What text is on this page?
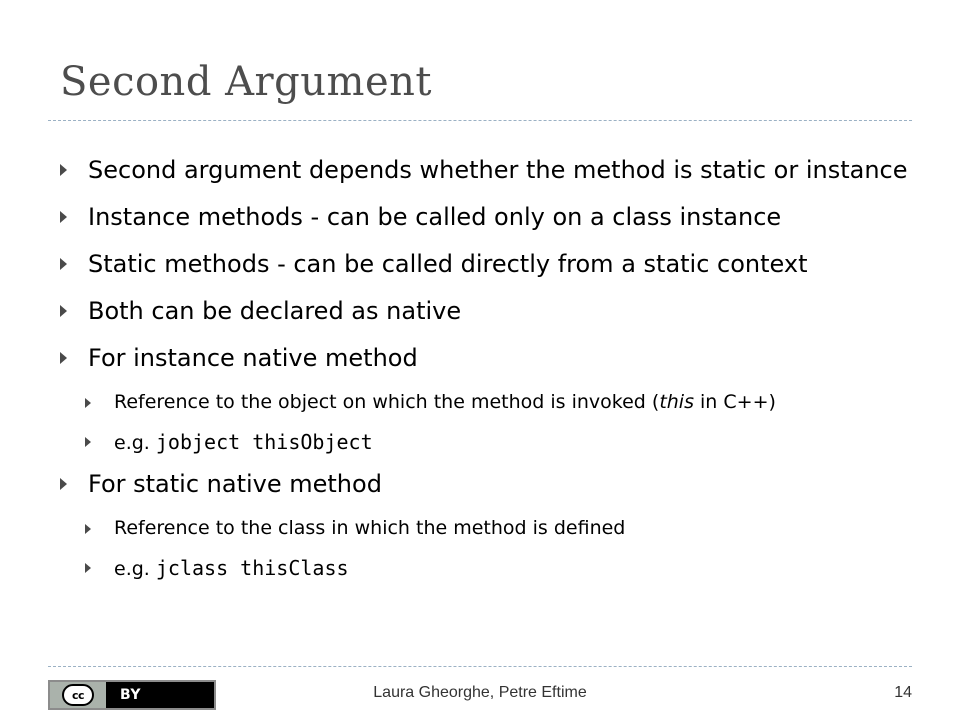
Second Argument
Second argument depends whether the method is static or instance
Instance methods - can be called only on a class instance
Static methods - can be called directly from a static context
Both can be declared as native
For instance native method
Reference to the object on which the method is invoked (this in C++)
e.g. jobject thisObject
For static native method
Reference to the class in which the method is defined
e.g. jclass thisClass
cc	BY	Laura Gheorghe, Petre Eftime	14
